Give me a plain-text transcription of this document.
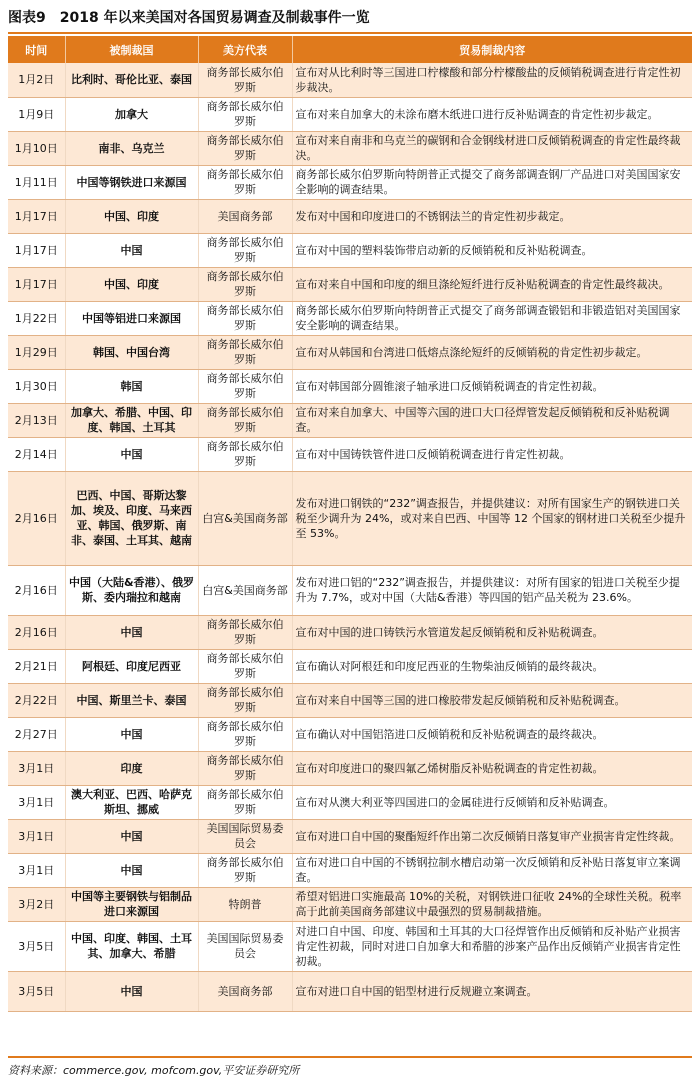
图表9 2018 年以来美国对各国贸易调查及制裁事件一览
时间	被制裁国	美方代表	贸易制裁内容
1月2日	比利时、哥伦比亚、泰国	商务部长威尔伯罗斯	宣布对从比利时等三国进口柠檬酸和部分柠檬酸盐的反倾销税调查进行肯定性初步裁决。
1月9日	加拿大	商务部长威尔伯罗斯	宣布对来自加拿大的未涂布磨木纸进口进行反补贴调查的肯定性初步裁定。
1月10日	南非、乌克兰	商务部长威尔伯罗斯	宣布对来自南非和乌克兰的碳钢和合金钢线材进口反倾销税调查的肯定性最终裁决。
1月11日	中国等钢铁进口来源国	商务部长威尔伯罗斯	商务部长威尔伯罗斯向特朗普正式提交了商务部调查钢厂产品进口对美国国家安全影响的调查结果。
1月17日	中国、印度	美国商务部	发布对中国和印度进口的不锈钢法兰的肯定性初步裁定。
1月17日	中国	商务部长威尔伯罗斯	宣布对中国的塑料装饰带启动新的反倾销税和反补贴税调查。
1月17日	中国、印度	商务部长威尔伯罗斯	宣布对来自中国和印度的细旦涤纶短纤进行反补贴税调查的肯定性最终裁决。
1月22日	中国等铝进口来源国	商务部长威尔伯罗斯	商务部长威尔伯罗斯向特朗普正式提交了商务部调查锻铝和非锻造铝对美国国家安全影响的调查结果。
1月29日	韩国、中国台湾	商务部长威尔伯罗斯	宣布对从韩国和台湾进口低熔点涤纶短纤的反倾销税的肯定性初步裁定。
1月30日	韩国	商务部长威尔伯罗斯	宣布对韩国部分圆锥滚子轴承进口反倾销税调查的肯定性初裁。
2月13日	加拿大、希腊、中国、印度、韩国、土耳其	商务部长威尔伯罗斯	宣布对来自加拿大、中国等六国的进口大口径焊管发起反倾销税和反补贴税调查。
2月14日	中国	商务部长威尔伯罗斯	宣布对中国铸铁管件进口反倾销税调查进行肯定性初裁。
2月16日	巴西、中国、哥斯达黎加、埃及、印度、马来西亚、韩国、俄罗斯、南非、泰国、土耳其、越南	白宫&美国商务部	发布对进口钢铁的“232”调查报告，并提供建议：对所有国家生产的钢铁进口关税至少调升为 24%，或对来自巴西、中国等 12 个国家的钢材进口关税至少提升至 53%。
2月16日	中国（大陆&香港）、俄罗斯、委内瑞拉和越南	白宫&美国商务部	发布对进口铝的“232”调查报告，并提供建议：对所有国家的铝进口关税至少提升为 7.7%，或对中国（大陆&香港）等四国的铝产品关税为 23.6%。
2月16日	中国	商务部长威尔伯罗斯	宣布对中国的进口铸铁污水管道发起反倾销税和反补贴税调查。
2月21日	阿根廷、印度尼西亚	商务部长威尔伯罗斯	宣布确认对阿根廷和印度尼西亚的生物柴油反倾销的最终裁决。
2月22日	中国、斯里兰卡、泰国	商务部长威尔伯罗斯	宣布对来自中国等三国的进口橡胶带发起反倾销税和反补贴税调查。
2月27日	中国	商务部长威尔伯罗斯	宣布确认对中国铝箔进口反倾销税和反补贴税调查的最终裁决。
3月1日	印度	商务部长威尔伯罗斯	宣布对印度进口的聚四氟乙烯树脂反补贴税调查的肯定性初裁。
3月1日	澳大利亚、巴西、哈萨克斯坦、挪威	商务部长威尔伯罗斯	宣布对从澳大利亚等四国进口的金属硅进行反倾销和反补贴调查。
3月1日	中国	美国国际贸易委员会	宣布对进口自中国的聚酯短纤作出第二次反倾销日落复审产业损害肯定性终裁。
3月1日	中国	商务部长威尔伯罗斯	宣布对进口自中国的不锈钢拉制水槽启动第一次反倾销和反补贴日落复审立案调查。
3月2日	中国等主要钢铁与铝制品进口来源国	特朗普	希望对铝进口实施最高 10%的关税，对钢铁进口征收 24%的全球性关税。税率高于此前美国商务部建议中最强烈的贸易制裁措施。
3月5日	中国、印度、韩国、土耳其、加拿大、希腊	美国国际贸易委员会	对进口自中国、印度、韩国和土耳其的大口径焊管作出反倾销和反补贴产业损害肯定性初裁，同时对进口自加拿大和希腊的涉案产品作出反倾销产业损害肯定性初裁。
3月5日	中国	美国商务部	宣布对进口自中国的铝型材进行反规避立案调查。
资料来源：commerce.gov, mofcom.gov,平安证券研究所
